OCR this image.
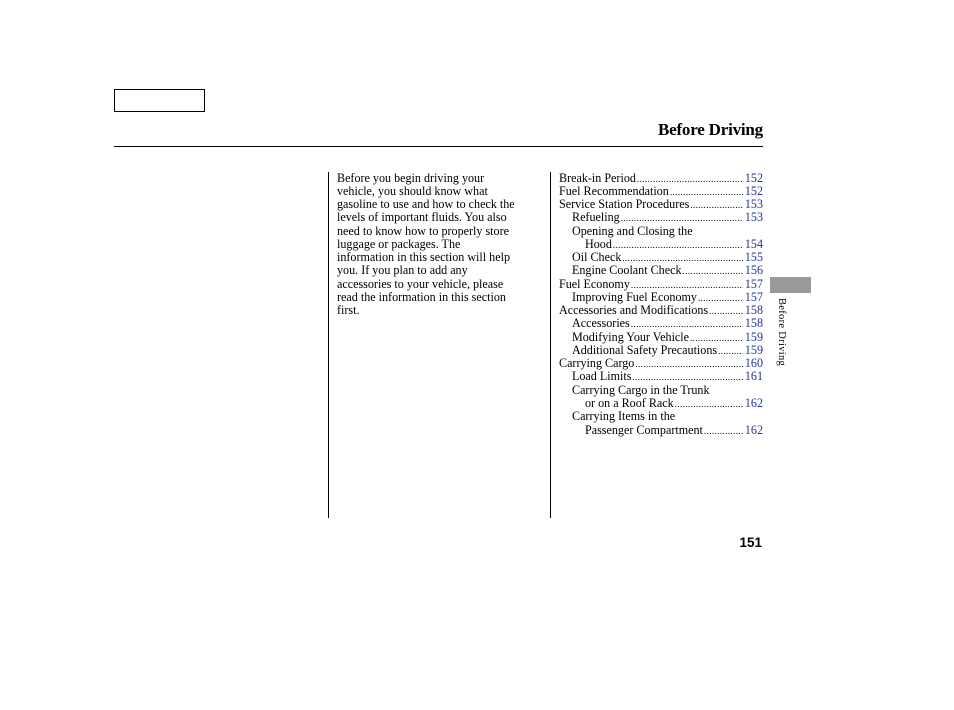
Before Driving
Before you begin driving your
vehicle, you should know what
gasoline to use and how to check the
levels of important fluids. You also
need to know how to properly store
luggage or packages. The
information in this section will help
you. If you plan to add any
accessories to your vehicle, please
read the information in this section
first.
Break-in Period .....	152
Fuel Recommendation .....	152
Service Station Procedures .....	153
Refueling .....	153
Opening and Closing the
Hood .....	154
Oil Check .....	155
Engine Coolant Check .....	156
Fuel Economy .....	157
Improving Fuel Economy .....	157
Accessories and Modifications .....	158
Accessories .....	158
Modifying Your Vehicle .....	159
Additional Safety Precautions ..... 159
Carrying Cargo .....	160
Load Limits .....	161
Carrying Cargo in the Trunk
or on a Roof Rack .....	162
Carrying Items in the
Passenger Compartment .....	162
Before Driving
151
